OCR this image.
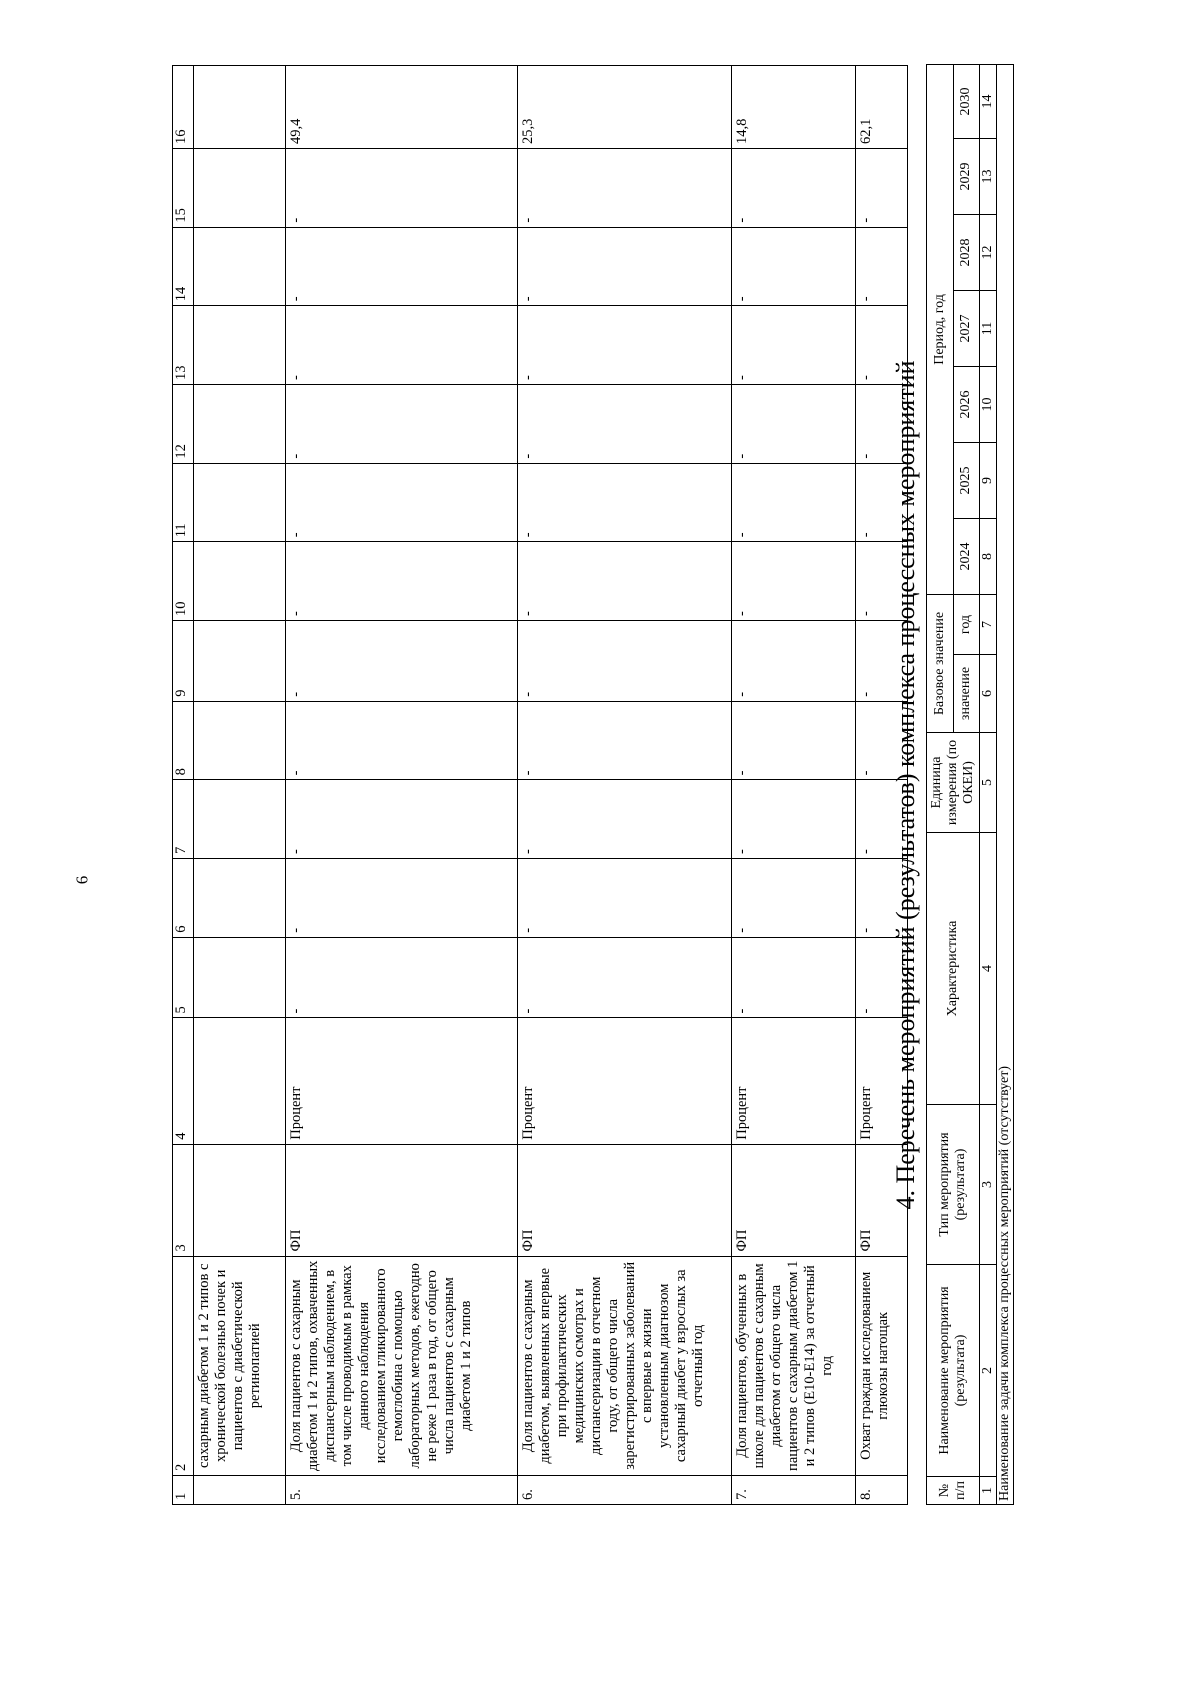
6
1	2	3	4	5	6	7	8	9	10	11	12	13	14	15	16
	сахарным диабетом 1 и 2 типов с хронической болезнью почек и пациентов с диабетической ретинопатией														
5.	Доля пациентов с сахарным диабетом 1 и 2 типов, охваченных диспансерным наблюдением, в том числе проводимым в рамках данного наблюдения исследованием гликированного гемоглобина с помощью лабораторных методов, ежегодно не реже 1 раза в год, от общего числа пациентов с сахарным диабетом 1 и 2 типов	ФП	Процент	-	-	-	-	-	-	-	-	-	-	-	49,4
6.	Доля пациентов с сахарным диабетом, выявленных впервые при профилактических медицинских осмотрах и диспансеризации в отчетном году, от общего числа зарегистрированных заболеваний с впервые в жизни установленным диагнозом сахарный диабет у взрослых за отчетный год	ФП	Процент	-	-	-	-	-	-	-	-	-	-	-	25,3
7.	Доля пациентов, обученных в школе для пациентов с сахарным диабетом от общего числа пациентов с сахарным диабетом 1 и 2 типов (E10-E14) за отчетный год	ФП	Процент	-	-	-	-	-	-	-	-	-	-	-	14,8
8.	Охват граждан исследованием глюкозы натощак	ФП	Процент	-	-	-	-	-	-	-	-	-	-	-	62,1
4. Перечень мероприятий (результатов) комплекса процессных мероприятий
№ п/п	Наименование мероприятия (результата)	Тип мероприятия (результата)	Характеристика	Единица измерения (по ОКЕИ)	Базовое значение		Период, год						
					значение	год	2024	2025	2026	2027	2028	2029	2030
1	2	3	4	5	6	7	8	9	10	11	12	13	14
Наименование задачи комплекса процессных мероприятий (отсутствует)													
